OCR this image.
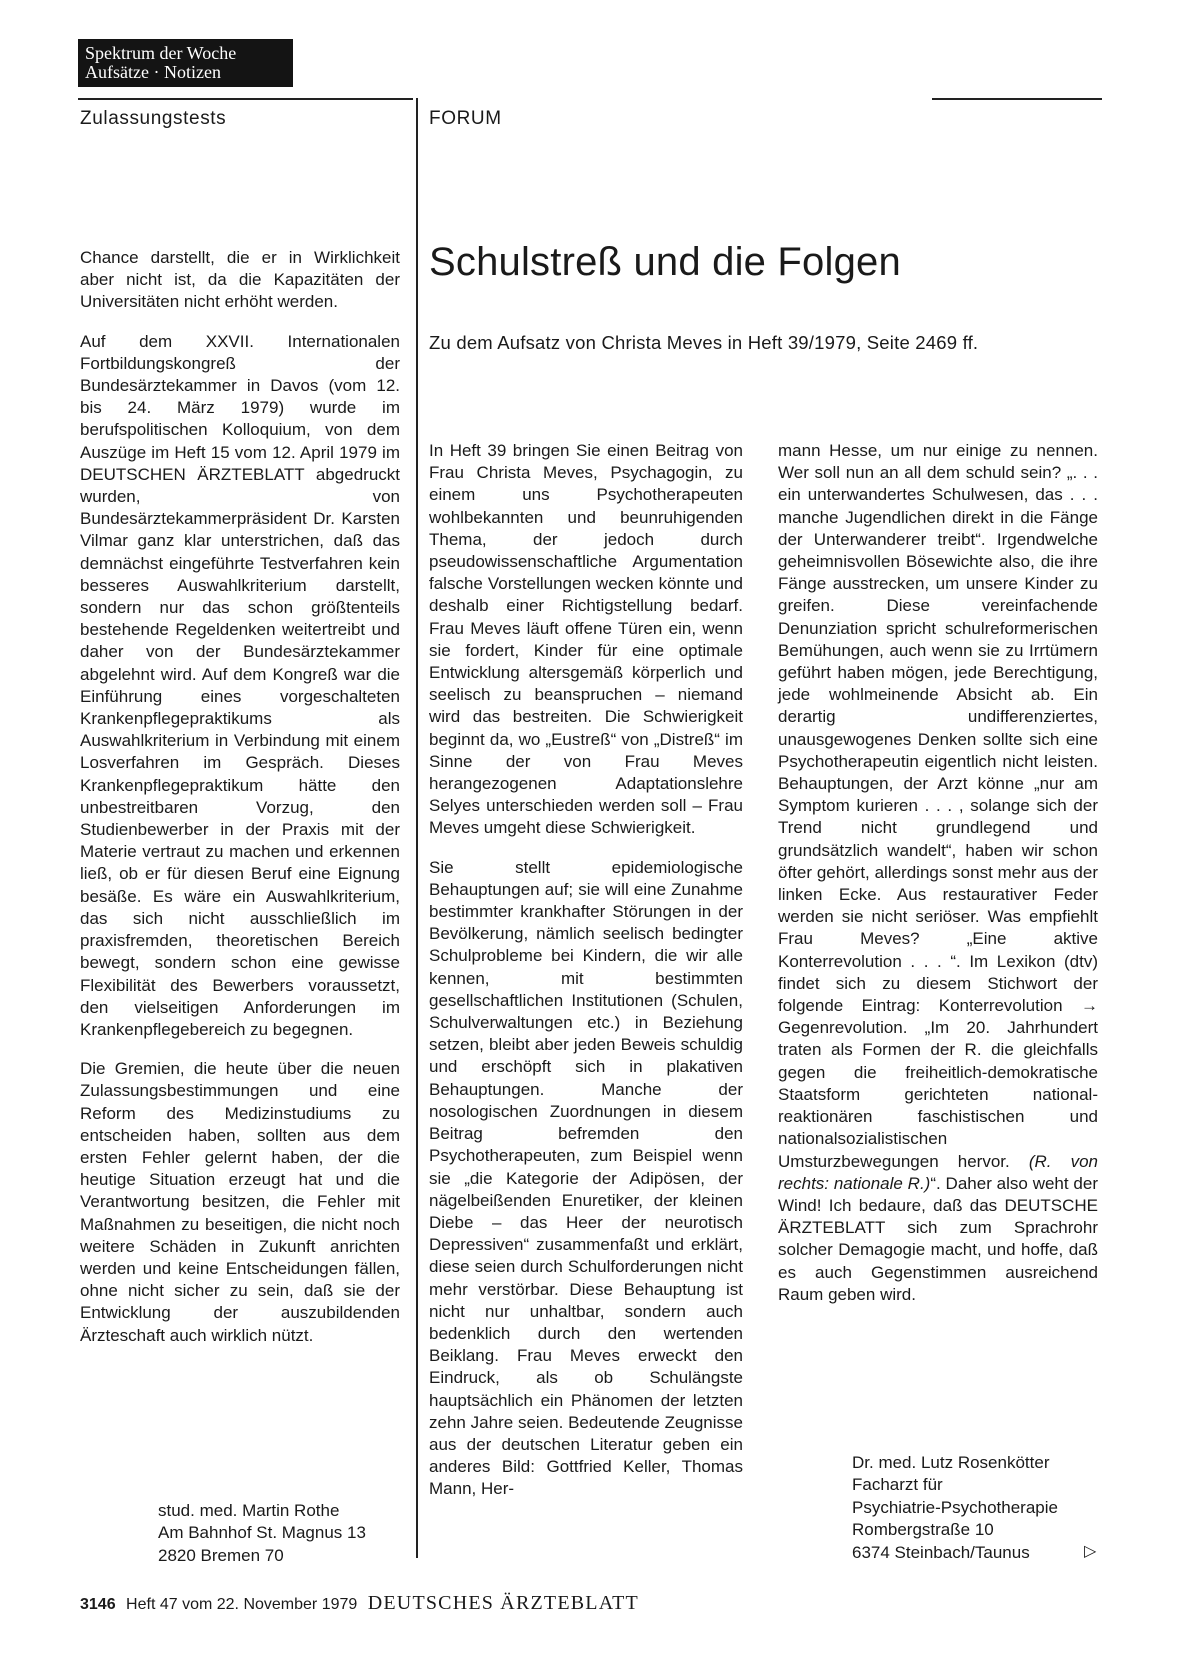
Spektrum der Woche
Aufsätze · Notizen
Zulassungstests	FORUM

Chance darstellt, die er in Wirklichkeit aber nicht ist, da die Kapazitäten der Universitäten nicht erhöht werden.

Auf dem XXVII. Internationalen Fortbildungskongreß der Bundesärztekammer in Davos (vom 12. bis 24. März 1979) wurde im berufspolitischen Kolloquium, von dem Auszüge im Heft 15 vom 12. April 1979 im DEUTSCHEN ÄRZTEBLATT abgedruckt wurden, von Bundesärztekammerpräsident Dr. Karsten Vilmar ganz klar unterstrichen, daß das demnächst eingeführte Testverfahren kein besseres Auswahlkriterium darstellt, sondern nur das schon größtenteils bestehende Regeldenken weitertreibt und daher von der Bundesärztekammer abgelehnt wird. Auf dem Kongreß war die Einführung eines vorgeschalteten Krankenpflegepraktikums als Auswahlkriterium in Verbindung mit einem Losverfahren im Gespräch. Dieses Krankenpflegepraktikum hätte den unbestreitbaren Vorzug, den Studienbewerber in der Praxis mit der Materie vertraut zu machen und erkennen ließ, ob er für diesen Beruf eine Eignung besäße. Es wäre ein Auswahlkriterium, das sich nicht ausschließlich im praxisfremden, theoretischen Bereich bewegt, sondern schon eine gewisse Flexibilität des Bewerbers voraussetzt, den vielseitigen Anforderungen im Krankenpflegebereich zu begegnen.

Die Gremien, die heute über die neuen Zulassungsbestimmungen und eine Reform des Medizinstudiums zu entscheiden haben, sollten aus dem ersten Fehler gelernt haben, der die heutige Situation erzeugt hat und die Verantwortung besitzen, die Fehler mit Maßnahmen zu beseitigen, die nicht noch weitere Schäden in Zukunft anrichten werden und keine Entscheidungen fällen, ohne nicht sicher zu sein, daß sie der Entwicklung der auszubildenden Ärzteschaft auch wirklich nützt.

stud. med. Martin Rothe
Am Bahnhof St. Magnus 13
2820 Bremen 70
Schulstreß und die Folgen
Zu dem Aufsatz von Christa Meves in Heft 39/1979, Seite 2469 ff.

In Heft 39 bringen Sie einen Beitrag von Frau Christa Meves, Psychagogin, zu einem uns Psychotherapeuten wohlbekannten und beunruhigenden Thema, der jedoch durch pseudowissenschaftliche Argumentation falsche Vorstellungen wecken könnte und deshalb einer Richtigstellung bedarf. Frau Meves läuft offene Türen ein, wenn sie fordert, Kinder für eine optimale Entwicklung altersgemäß körperlich und seelisch zu beanspruchen – niemand wird das bestreiten. Die Schwierigkeit beginnt da, wo „Eustreß“ von „Distreß“ im Sinne der von Frau Meves herangezogenen Adaptationslehre Selyes unterschieden werden soll – Frau Meves umgeht diese Schwierigkeit.

Sie stellt epidemiologische Behauptungen auf; sie will eine Zunahme bestimmter krankhafter Störungen in der Bevölkerung, nämlich seelisch bedingter Schulprobleme bei Kindern, die wir alle kennen, mit bestimmten gesellschaftlichen Institutionen (Schulen, Schulverwaltungen etc.) in Beziehung setzen, bleibt aber jeden Beweis schuldig und erschöpft sich in plakativen Behauptungen. Manche der nosologischen Zuordnungen in diesem Beitrag befremden den Psychotherapeuten, zum Beispiel wenn sie „die Kategorie der Adipösen, der nägelbeißenden Enuretiker, der kleinen Diebe – das Heer der neurotisch Depressiven“ zusammenfaßt und erklärt, diese seien durch Schulforderungen nicht mehr verstörbar. Diese Behauptung ist nicht nur unhaltbar, sondern auch bedenklich durch den wertenden Beiklang. Frau Meves erweckt den Eindruck, als ob Schulängste hauptsächlich ein Phänomen der letzten zehn Jahre seien. Bedeutende Zeugnisse aus der deutschen Literatur geben ein anderes Bild: Gottfried Keller, Thomas Mann, Her-

mann Hesse, um nur einige zu nennen. Wer soll nun an all dem schuld sein? „. . . ein unterwandertes Schulwesen, das . . . manche Jugendlichen direkt in die Fänge der Unterwanderer treibt“. Irgendwelche geheimnisvollen Bösewichte also, die ihre Fänge ausstrecken, um unsere Kinder zu greifen. Diese vereinfachende Denunziation spricht schulreformerischen Bemühungen, auch wenn sie zu Irrtümern geführt haben mögen, jede Berechtigung, jede wohlmeinende Absicht ab. Ein derartig undifferenziertes, unausgewogenes Denken sollte sich eine Psychotherapeutin eigentlich nicht leisten. Behauptungen, der Arzt könne „nur am Symptom kurieren . . . , solange sich der Trend nicht grundlegend und grundsätzlich wandelt“, haben wir schon öfter gehört, allerdings sonst mehr aus der linken Ecke. Aus restaurativer Feder werden sie nicht seriöser. Was empfiehlt Frau Meves? „Eine aktive Konterrevolution . . . “. Im Lexikon (dtv) findet sich zu diesem Stichwort der folgende Eintrag: Konterrevolution → Gegenrevolution. „Im 20. Jahrhundert traten als Formen der R. die gleichfalls gegen die freiheitlich-demokratische Staatsform gerichteten national-reaktionären faschistischen und nationalsozialistischen Umsturzbewegungen hervor. (R. von rechts: nationale R.)“. Daher also weht der Wind! Ich bedaure, daß das DEUTSCHE ÄRZTEBLATT sich zum Sprachrohr solcher Demagogie macht, und hoffe, daß es auch Gegenstimmen ausreichend Raum geben wird.

Dr. med. Lutz Rosenkötter
Facharzt für
Psychiatrie-Psychotherapie
Rombergstraße 10
6374 Steinbach/Taunus	▷
3146 Heft 47 vom 22. November 1979 DEUTSCHES ÄRZTEBLATT
